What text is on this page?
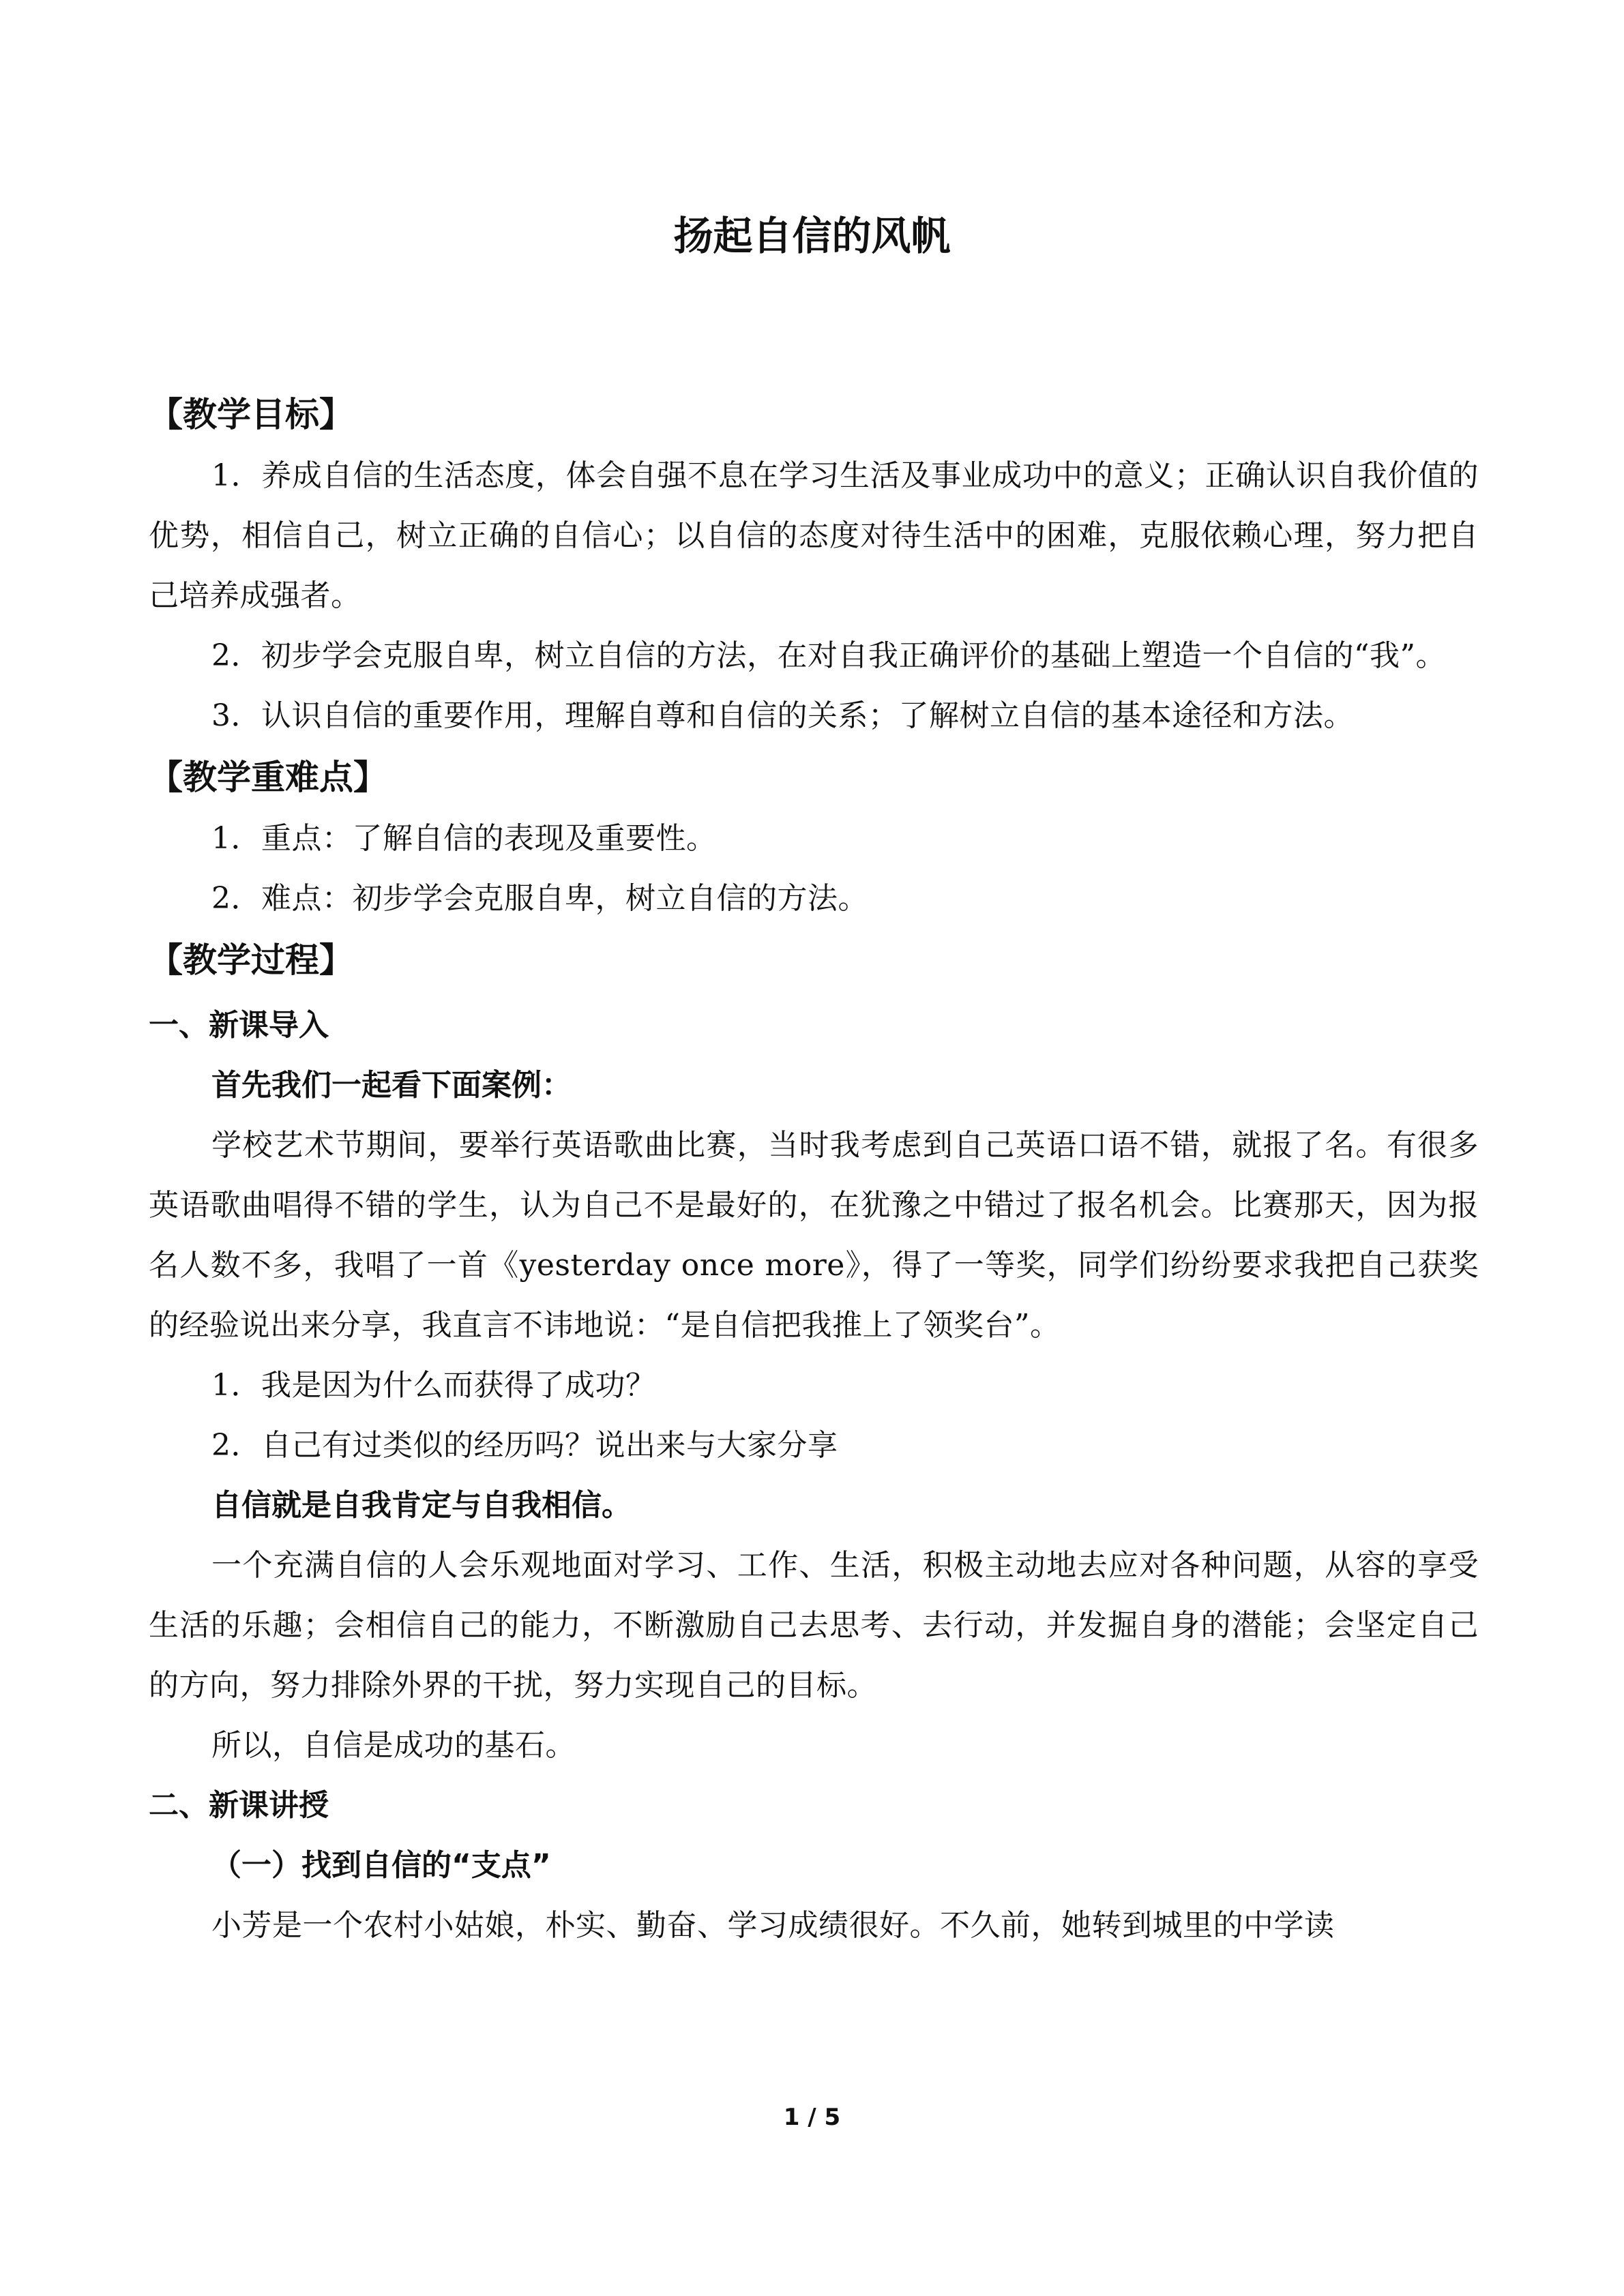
扬起自信的风帆
【教学目标】

1．养成自信的生活态度，体会自强不息在学习生活及事业成功中的意义；正确认识自我价值的优势，相信自己，树立正确的自信心；以自信的态度对待生活中的困难，克服依赖心理，努力把自己培养成强者。

2．初步学会克服自卑，树立自信的方法，在对自我正确评价的基础上塑造一个自信的“我”。

3．认识自信的重要作用，理解自尊和自信的关系；了解树立自信的基本途径和方法。

【教学重难点】

1．重点：了解自信的表现及重要性。

2．难点：初步学会克服自卑，树立自信的方法。

【教学过程】
一、新课导入
首先我们一起看下面案例：

学校艺术节期间，要举行英语歌曲比赛，当时我考虑到自己英语口语不错，就报了名。有很多英语歌曲唱得不错的学生，认为自己不是最好的，在犹豫之中错过了报名机会。比赛那天，因为报名人数不多，我唱了一首《yesterday once more》，得了一等奖，同学们纷纷要求我把自己获奖的经验说出来分享，我直言不讳地说：“是自信把我推上了领奖台”。

1．我是因为什么而获得了成功？

2．自己有过类似的经历吗？说出来与大家分享

自信就是自我肯定与自我相信。

一个充满自信的人会乐观地面对学习、工作、生活，积极主动地去应对各种问题，从容的享受生活的乐趣；会相信自己的能力，不断激励自己去思考、去行动，并发掘自身的潜能；会坚定自己的方向，努力排除外界的干扰，努力实现自己的目标。

所以，自信是成功的基石。

二、新课讲授
（一）找到自信的“支点”

小芳是一个农村小姑娘，朴实、勤奋、学习成绩很好。不久前，她转到城里的中学读

1 / 5
